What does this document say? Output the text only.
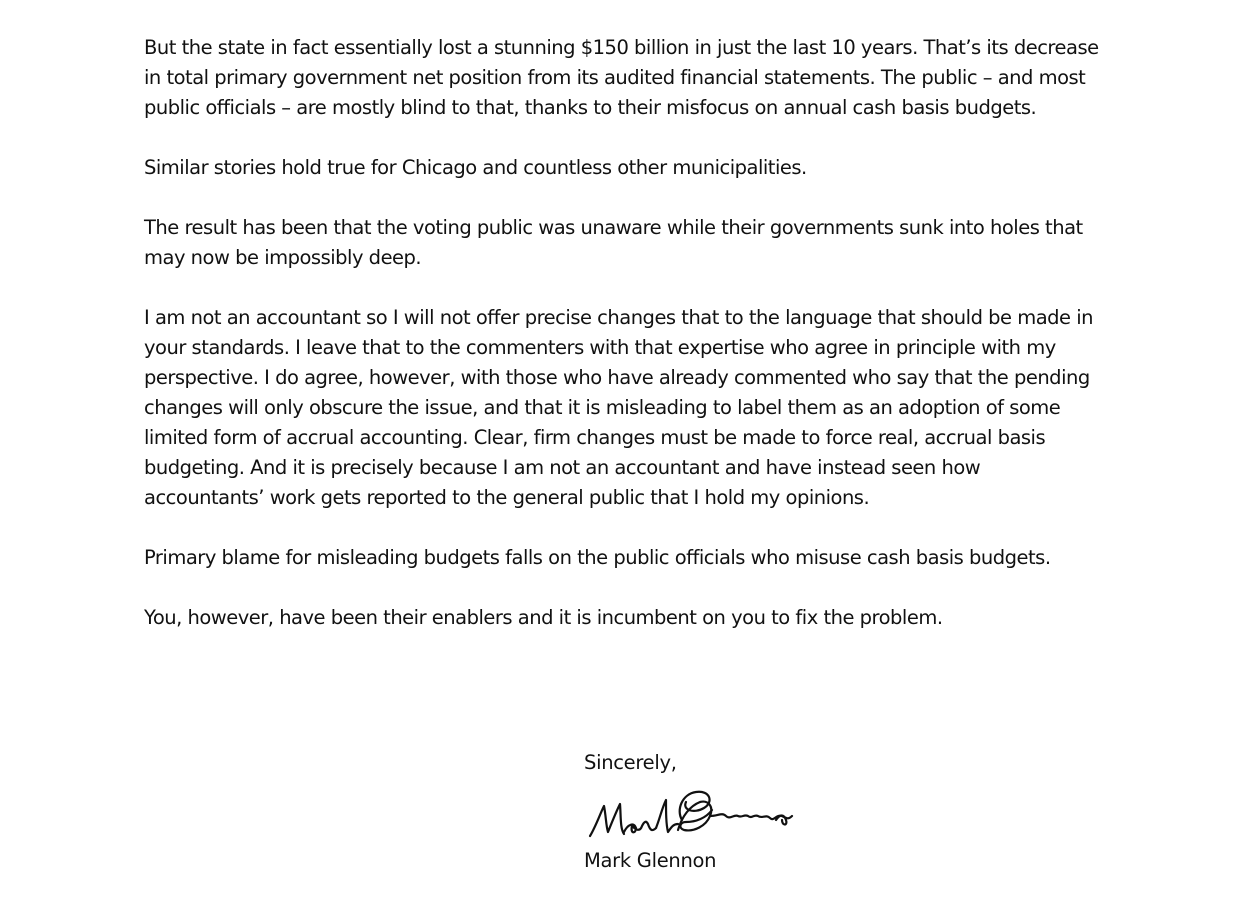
But the state in fact essentially lost a stunning $150 billion in just the last 10 years. That’s its decrease in total primary government net position from its audited financial statements. The public – and most public officials – are mostly blind to that, thanks to their misfocus on annual cash basis budgets.

Similar stories hold true for Chicago and countless other municipalities.

The result has been that the voting public was unaware while their governments sunk into holes that may now be impossibly deep.

I am not an accountant so I will not offer precise changes that to the language that should be made in your standards. I leave that to the commenters with that expertise who agree in principle with my perspective. I do agree, however, with those who have already commented who say that the pending changes will only obscure the issue, and that it is misleading to label them as an adoption of some limited form of accrual accounting. Clear, firm changes must be made to force real, accrual basis budgeting. And it is precisely because I am not an accountant and have instead seen how accountants’ work gets reported to the general public that I hold my opinions.

Primary blame for misleading budgets falls on the public officials who misuse cash basis budgets.

You, however, have been their enablers and it is incumbent on you to fix the problem.

Sincerely,
Mark Glennon
